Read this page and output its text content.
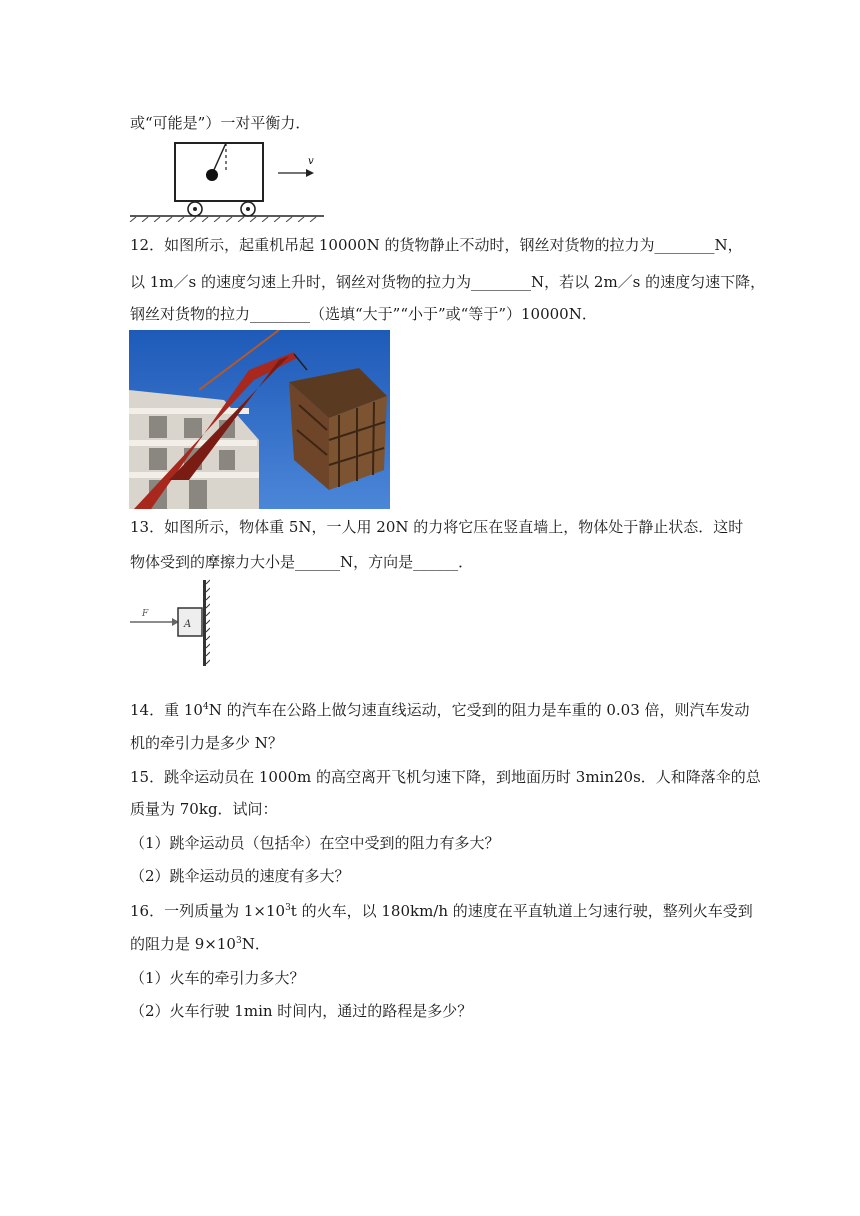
或“可能是”）一对平衡力．
v
12．如图所示，起重机吊起 10000N 的货物静止不动时，钢丝对货物的拉力为________N，
以 1m／s 的速度匀速上升时，钢丝对货物的拉力为________N，若以 2m／s 的速度匀速下降，
钢丝对货物的拉力________（选填“大于”“小于”或“等于”）10000N．
13．如图所示，物体重 5N，一人用 20N 的力将它压在竖直墙上，物体处于静止状态．这时
物体受到的摩擦力大小是______N，方向是______．
F
A
14．重 $10^4N$ 的汽车在公路上做匀速直线运动，它受到的阻力是车重的 0.03 倍，则汽车发动
机的牵引力是多少 N？
15．跳伞运动员在 1000m 的高空离开飞机匀速下降，到地面历时 3min20s．人和降落伞的总
质量为 70kg．试问：
（1）跳伞运动员（包括伞）在空中受到的阻力有多大？
（2）跳伞运动员的速度有多大？
16．一列质量为 $1\times 10^3t$ 的火车，以 180km/h 的速度在平直轨道上匀速行驶，整列火车受到
的阻力是 $9\times 10^3N$．
（1）火车的牵引力多大？
（2）火车行驶 1min 时间内，通过的路程是多少？
